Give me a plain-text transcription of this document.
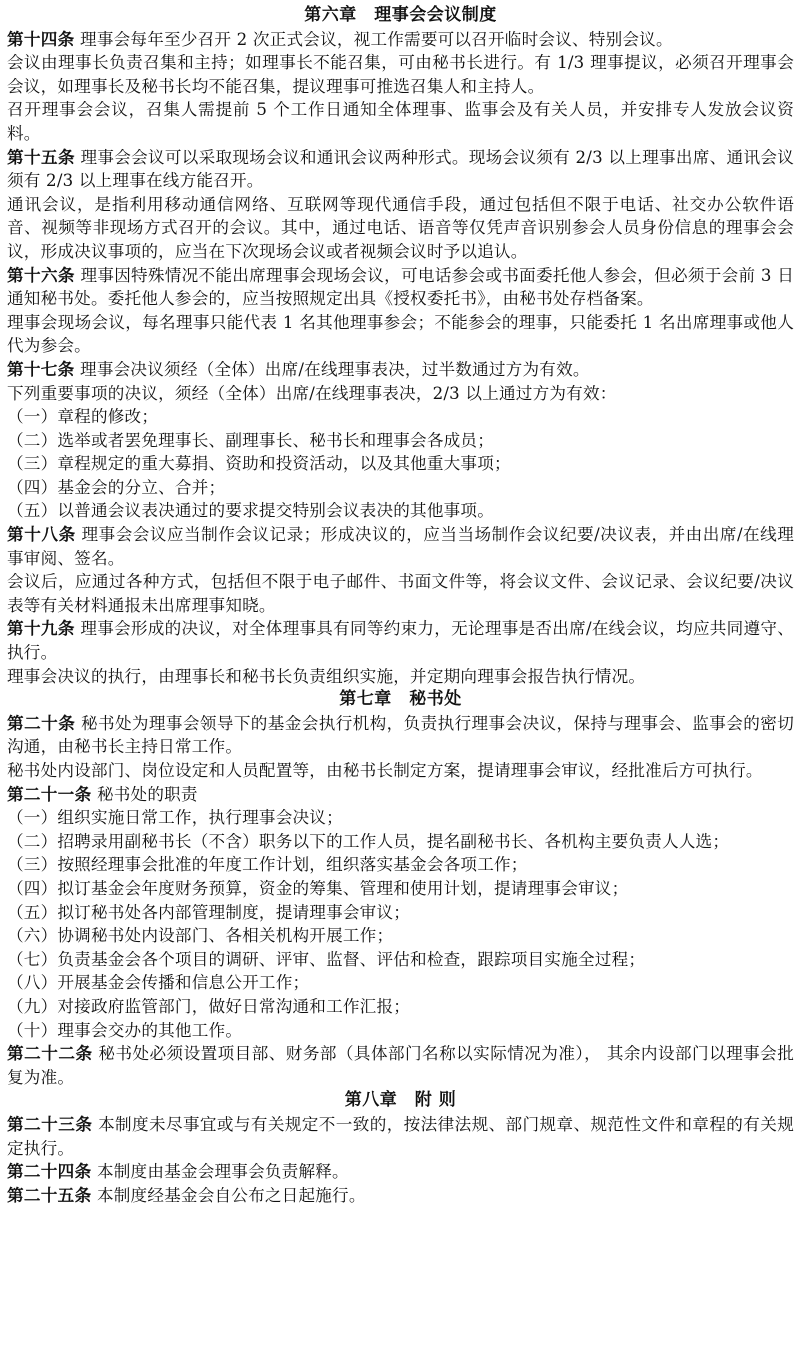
第六章　理事会会议制度
第十四条 理事会每年至少召开 2 次正式会议，视工作需要可以召开临时会议、特别会议。
会议由理事长负责召集和主持；如理事长不能召集，可由秘书长进行。有 1/3 理事提议，必须召开理事会会议，如理事长及秘书长均不能召集，提议理事可推选召集人和主持人。
召开理事会会议，召集人需提前 5 个工作日通知全体理事、监事会及有关人员，并安排专人发放会议资料。
第十五条 理事会会议可以采取现场会议和通讯会议两种形式。现场会议须有 2/3 以上理事出席、通讯会议须有 2/3 以上理事在线方能召开。
通讯会议，是指利用移动通信网络、互联网等现代通信手段，通过包括但不限于电话、社交办公软件语音、视频等非现场方式召开的会议。其中，通过电话、语音等仅凭声音识别参会人员身份信息的理事会会议，形成决议事项的，应当在下次现场会议或者视频会议时予以追认。
第十六条 理事因特殊情况不能出席理事会现场会议，可电话参会或书面委托他人参会，但必须于会前 3 日通知秘书处。委托他人参会的，应当按照规定出具《授权委托书》，由秘书处存档备案。
理事会现场会议，每名理事只能代表 1 名其他理事参会；不能参会的理事，只能委托 1 名出席理事或他人代为参会。
第十七条 理事会决议须经（全体）出席/在线理事表决，过半数通过方为有效。
下列重要事项的决议，须经（全体）出席/在线理事表决，2/3 以上通过方为有效：
（一）章程的修改；
（二）选举或者罢免理事长、副理事长、秘书长和理事会各成员；
（三）章程规定的重大募捐、资助和投资活动，以及其他重大事项；
（四）基金会的分立、合并；
（五）以普通会议表决通过的要求提交特别会议表决的其他事项。
第十八条 理事会会议应当制作会议记录；形成决议的，应当当场制作会议纪要/决议表，并由出席/在线理事审阅、签名。
会议后，应通过各种方式，包括但不限于电子邮件、书面文件等，将会议文件、会议记录、会议纪要/决议表等有关材料通报未出席理事知晓。
第十九条 理事会形成的决议，对全体理事具有同等约束力，无论理事是否出席/在线会议，均应共同遵守、执行。
理事会决议的执行，由理事长和秘书长负责组织实施，并定期向理事会报告执行情况。
第七章　秘书处
第二十条 秘书处为理事会领导下的基金会执行机构，负责执行理事会决议，保持与理事会、监事会的密切沟通，由秘书长主持日常工作。
秘书处内设部门、岗位设定和人员配置等，由秘书长制定方案，提请理事会审议，经批准后方可执行。
第二十一条 秘书处的职责
（一）组织实施日常工作，执行理事会决议；
（二）招聘录用副秘书长（不含）职务以下的工作人员，提名副秘书长、各机构主要负责人人选；
（三）按照经理事会批准的年度工作计划，组织落实基金会各项工作；
（四）拟订基金会年度财务预算，资金的筹集、管理和使用计划，提请理事会审议；
（五）拟订秘书处各内部管理制度，提请理事会审议；
（六）协调秘书处内设部门、各相关机构开展工作；
（七）负责基金会各个项目的调研、评审、监督、评估和检查，跟踪项目实施全过程；
（八）开展基金会传播和信息公开工作；
（九）对接政府监管部门，做好日常沟通和工作汇报；
（十）理事会交办的其他工作。
第二十二条 秘书处必须设置项目部、财务部（具体部门名称以实际情况为准）， 其余内设部门以理事会批复为准。
第八章　附 则
第二十三条 本制度未尽事宜或与有关规定不一致的，按法律法规、部门规章、规范性文件和章程的有关规定执行。
第二十四条 本制度由基金会理事会负责解释。
第二十五条 本制度经基金会自公布之日起施行。
